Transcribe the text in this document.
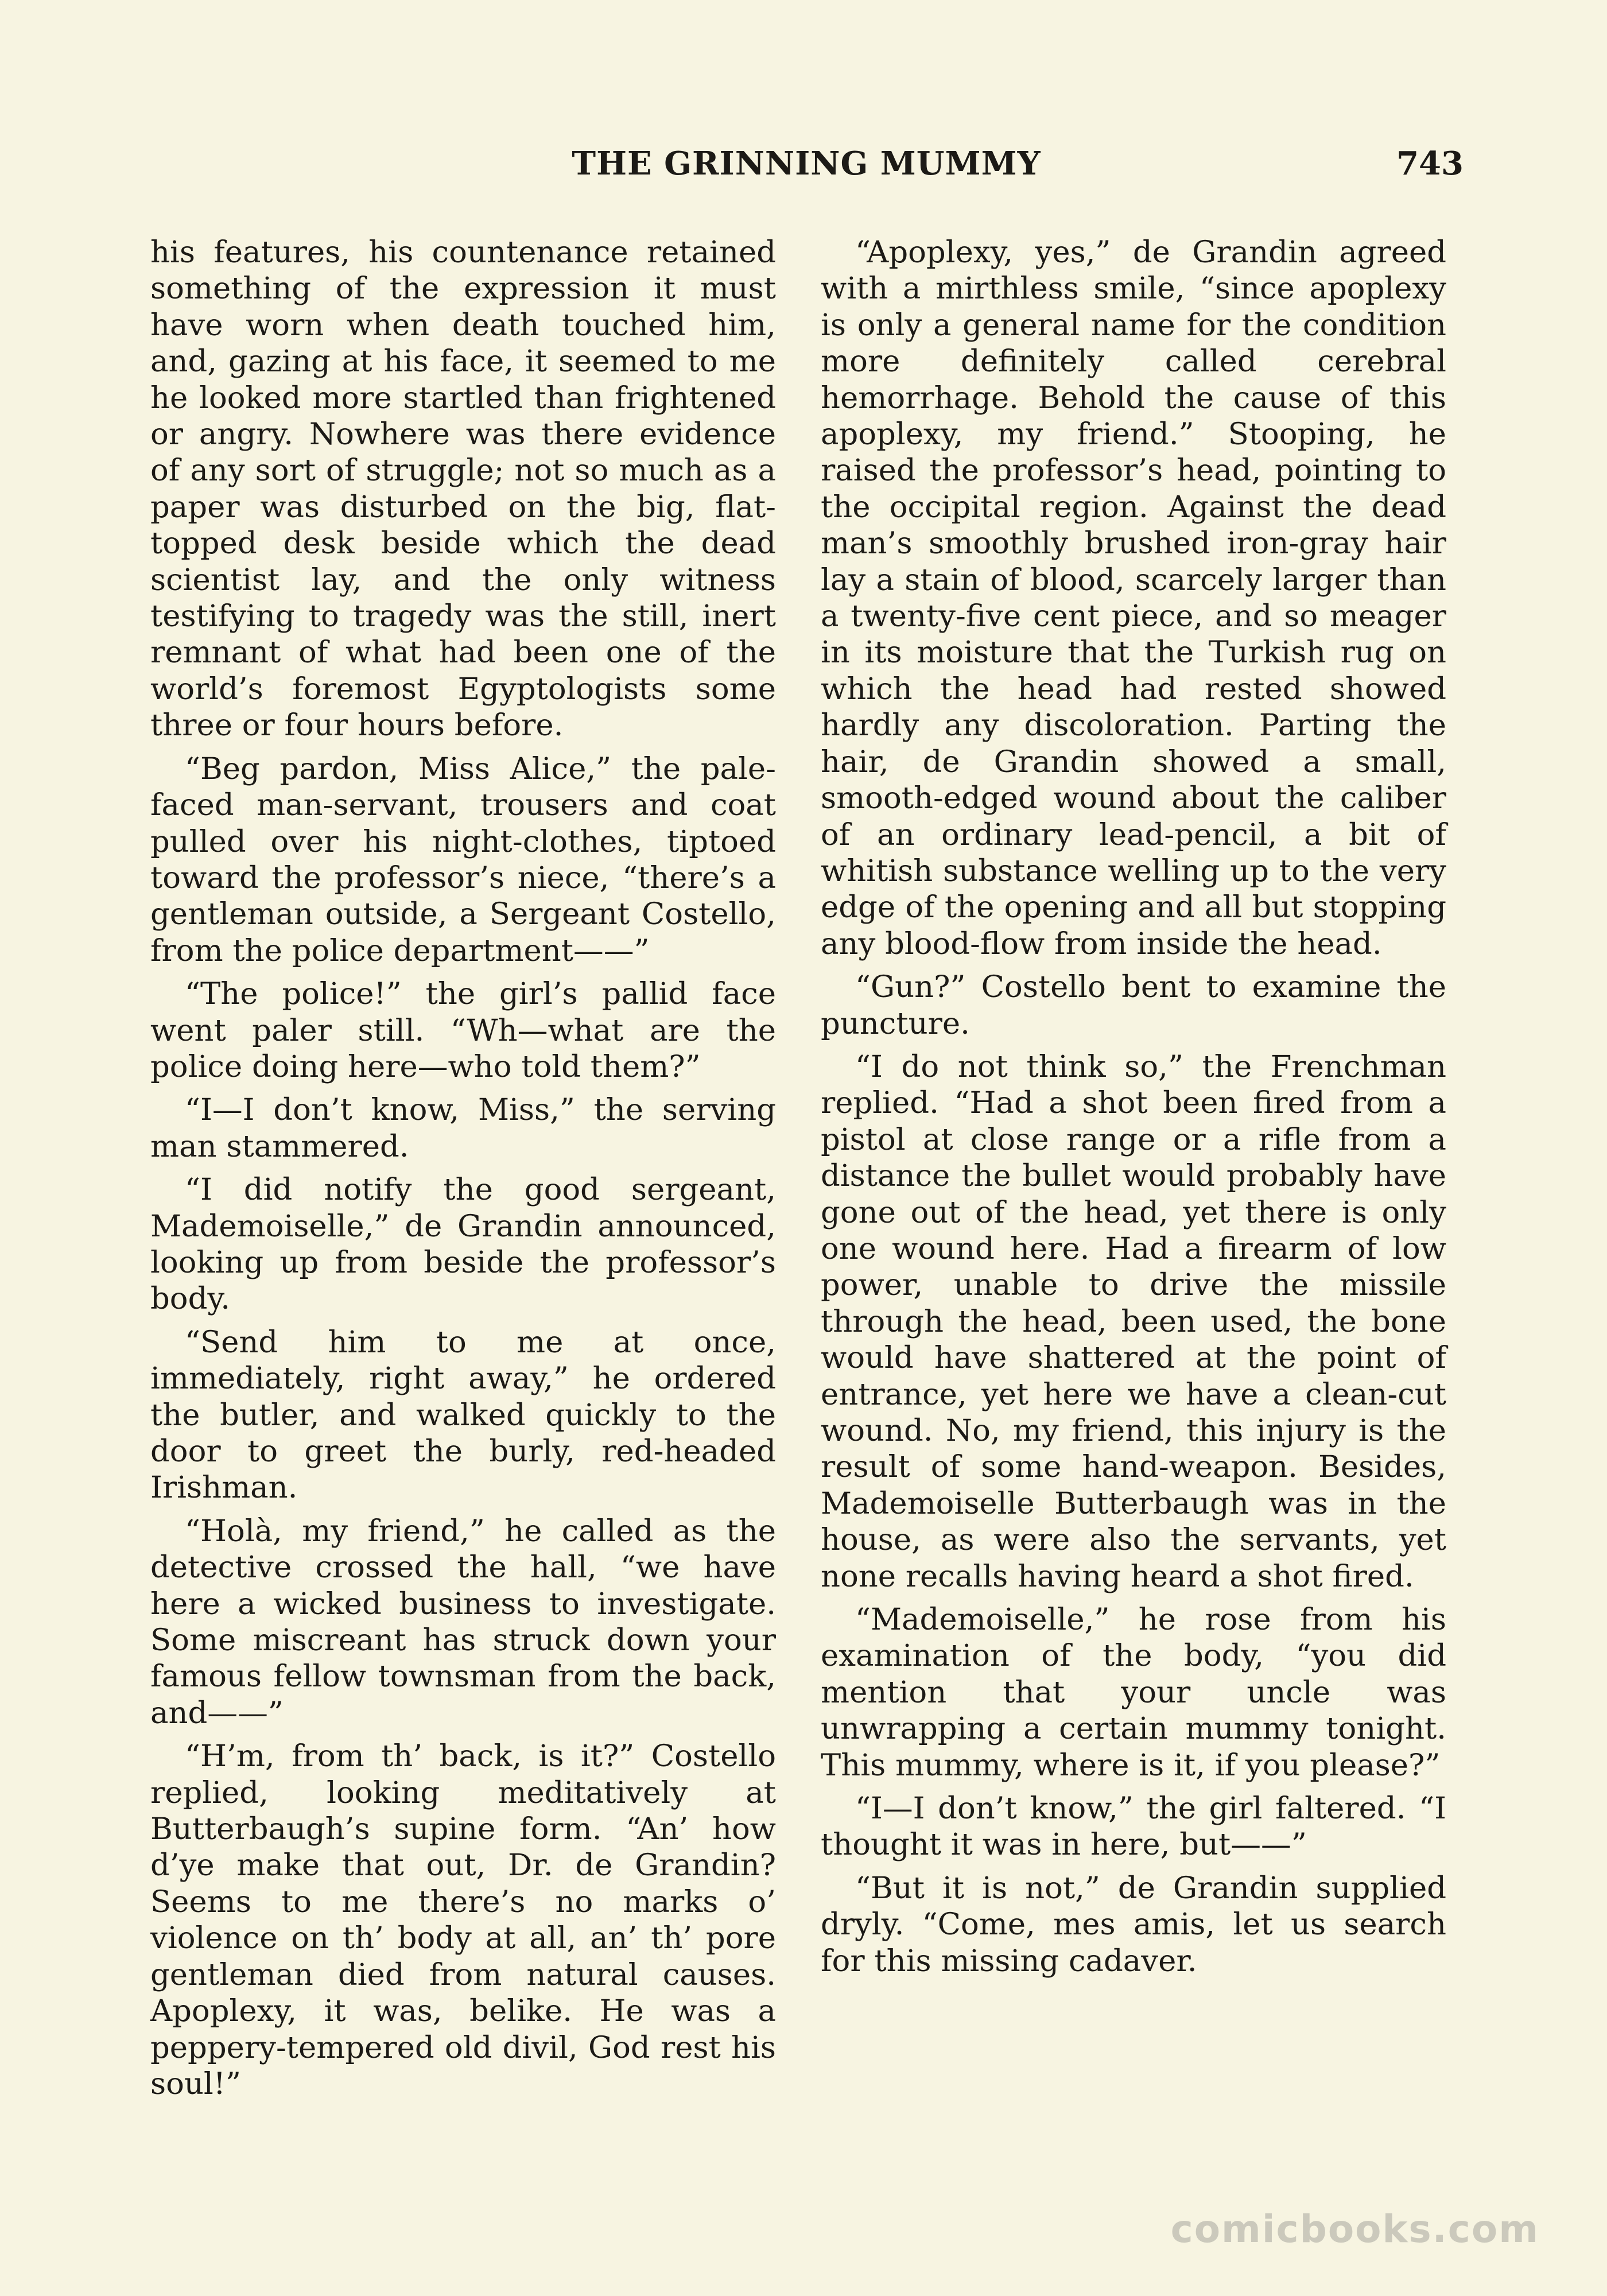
THE GRINNING MUMMY	743

his features, his countenance retained something of the expression it must have worn when death touched him, and, gazing at his face, it seemed to me he looked more startled than frightened or angry. Nowhere was there evidence of any sort of struggle; not so much as a paper was disturbed on the big, flat-topped desk beside which the dead scientist lay, and the only witness testifying to tragedy was the still, inert remnant of what had been one of the world’s foremost Egyptologists some three or four hours before.

“Beg pardon, Miss Alice,” the pale-faced man-servant, trousers and coat pulled over his night-clothes, tiptoed toward the professor’s niece, “there’s a gentleman outside, a Sergeant Costello, from the police department——”

“The police!” the girl’s pallid face went paler still. “Wh—what are the police doing here—who told them?”

“I—I don’t know, Miss,” the serving man stammered.

“I did notify the good sergeant, Mademoiselle,” de Grandin announced, looking up from beside the professor’s body.

“Send him to me at once, immediately, right away,” he ordered the butler, and walked quickly to the door to greet the burly, red-headed Irishman.

“Holà, my friend,” he called as the detective crossed the hall, “we have here a wicked business to investigate. Some miscreant has struck down your famous fellow townsman from the back, and——”

“H’m, from th’ back, is it?” Costello replied, looking meditatively at Butterbaugh’s supine form. “An’ how d’ye make that out, Dr. de Grandin? Seems to me there’s no marks o’ violence on th’ body at all, an’ th’ pore gentleman died from natural causes. Apoplexy, it was, belike. He was a peppery-tempered old divil, God rest his soul!”

“Apoplexy, yes,” de Grandin agreed with a mirthless smile, “since apoplexy is only a general name for the condition more definitely called cerebral hemorrhage. Behold the cause of this apoplexy, my friend.” Stooping, he raised the professor’s head, pointing to the occipital region. Against the dead man’s smoothly brushed iron-gray hair lay a stain of blood, scarcely larger than a twenty-five cent piece, and so meager in its moisture that the Turkish rug on which the head had rested showed hardly any discoloration. Parting the hair, de Grandin showed a small, smooth-edged wound about the caliber of an ordinary lead-pencil, a bit of whitish substance welling up to the very edge of the opening and all but stopping any blood-flow from inside the head.

“Gun?” Costello bent to examine the puncture.

“I do not think so,” the Frenchman replied. “Had a shot been fired from a pistol at close range or a rifle from a distance the bullet would probably have gone out of the head, yet there is only one wound here. Had a firearm of low power, unable to drive the missile through the head, been used, the bone would have shattered at the point of entrance, yet here we have a clean-cut wound. No, my friend, this injury is the result of some hand-weapon. Besides, Mademoiselle Butterbaugh was in the house, as were also the servants, yet none recalls having heard a shot fired.

“Mademoiselle,” he rose from his examination of the body, “you did mention that your uncle was unwrapping a certain mummy tonight. This mummy, where is it, if you please?”

“I—I don’t know,” the girl faltered. “I thought it was in here, but——”

“But it is not,” de Grandin supplied dryly. “Come, mes amis, let us search for this missing cadaver.

comicbooks.com
